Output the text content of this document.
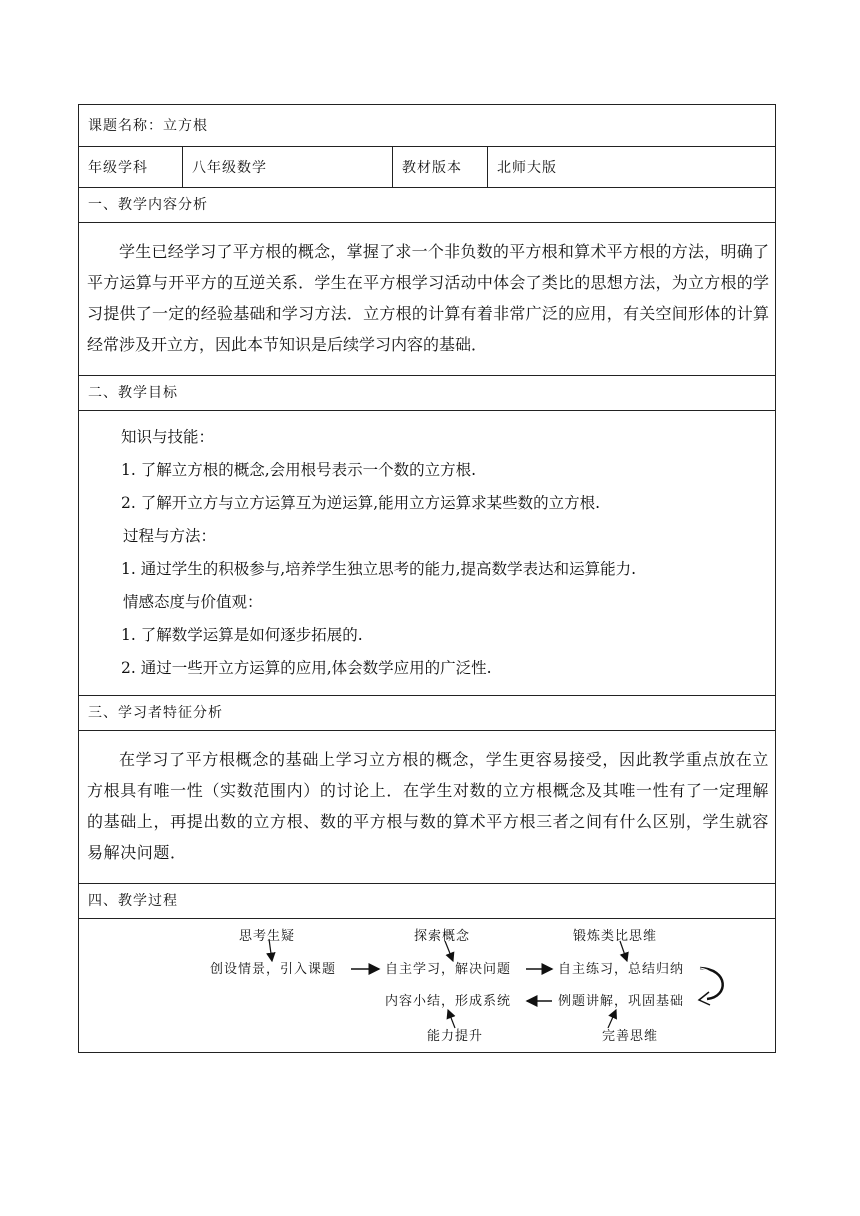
课题名称：立方根
年级学科	八年级数学	教材版本	北师大版
一、教学内容分析

学生已经学习了平方根的概念，掌握了求一个非负数的平方根和算术平方根的方法，明确了平方运算与开平方的互逆关系．学生在平方根学习活动中体会了类比的思想方法，为立方根的学习提供了一定的经验基础和学习方法．立方根的计算有着非常广泛的应用，有关空间形体的计算经常涉及开立方，因此本节知识是后续学习内容的基础．

二、教学目标
知识与技能：
1. 了解立方根的概念,会用根号表示一个数的立方根.
2. 了解开立方与立方运算互为逆运算,能用立方运算求某些数的立方根.
过程与方法：
1. 通过学生的积极参与,培养学生独立思考的能力,提高数学表达和运算能力.
情感态度与价值观：
1. 了解数学运算是如何逐步拓展的.
2. 通过一些开立方运算的应用,体会数学应用的广泛性.
三、学习者特征分析

在学习了平方根概念的基础上学习立方根的概念，学生更容易接受，因此教学重点放在立方根具有唯一性（实数范围内）的讨论上．在学生对数的立方根概念及其唯一性有了一定理解的基础上，再提出数的立方根、数的平方根与数的算术平方根三者之间有什么区别，学生就容易解决问题．

四、教学过程
思考生疑	探索概念	锻炼类比思维
创设情景，引入课题	自主学习，解决问题	自主练习，总结归纳
内容小结，形成系统	例题讲解，巩固基础
能力提升	完善思维
